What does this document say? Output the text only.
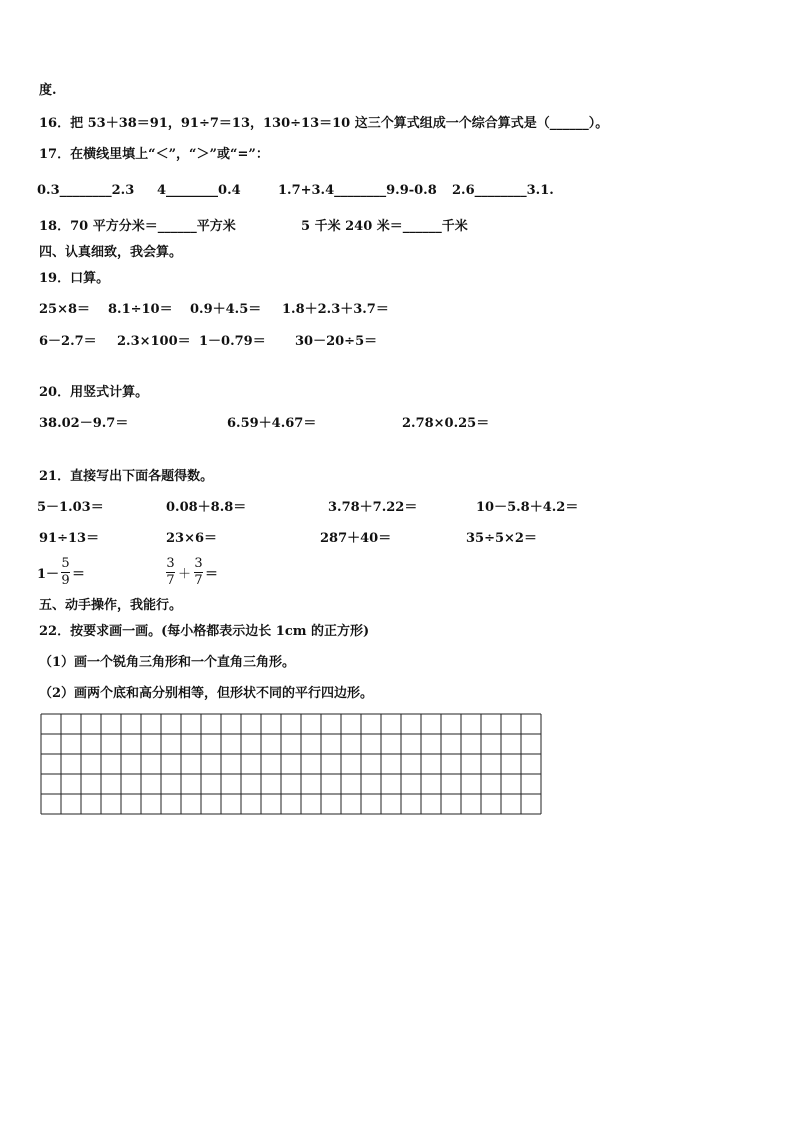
度.
16．把 53＋38＝91，91÷7＝13，130÷13＝10 这三个算式组成一个综合算式是（______）。
17．在横线里填上“＜”，“＞”或“=”：
0.3________2.3 4________0.4	1.7+3.4________9.9-0.8 2.6________3.1.
18．70 平方分米＝______平方米	5 千米 240 米＝______千米
四、认真细致，我会算。
19．口算。
25×8＝ 8.1÷10＝ 0.9＋4.5＝ 1.8＋2.3＋3.7＝
6－2.7＝ 2.3×100＝ 1－0.79＝ 30－20÷5＝
20．用竖式计算。
38.02－9.7＝	6.59＋4.67＝	2.78×0.25＝
21．直接写出下面各题得数。
5－1.03＝	0.08＋8.8＝	3.78＋7.22＝	10－5.8＋4.2＝
91÷13＝	23×6＝	287＋40＝	35÷5×2＝
$1- \frac{5}{9}$ ＝	$\frac{3}{7} + \frac{3}{7}$ ＝
五、动手操作，我能行。
22．按要求画一画。(每小格都表示边长 1cm 的正方形)
（1）画一个锐角三角形和一个直角三角形。
（2）画两个底和高分别相等，但形状不同的平行四边形。
